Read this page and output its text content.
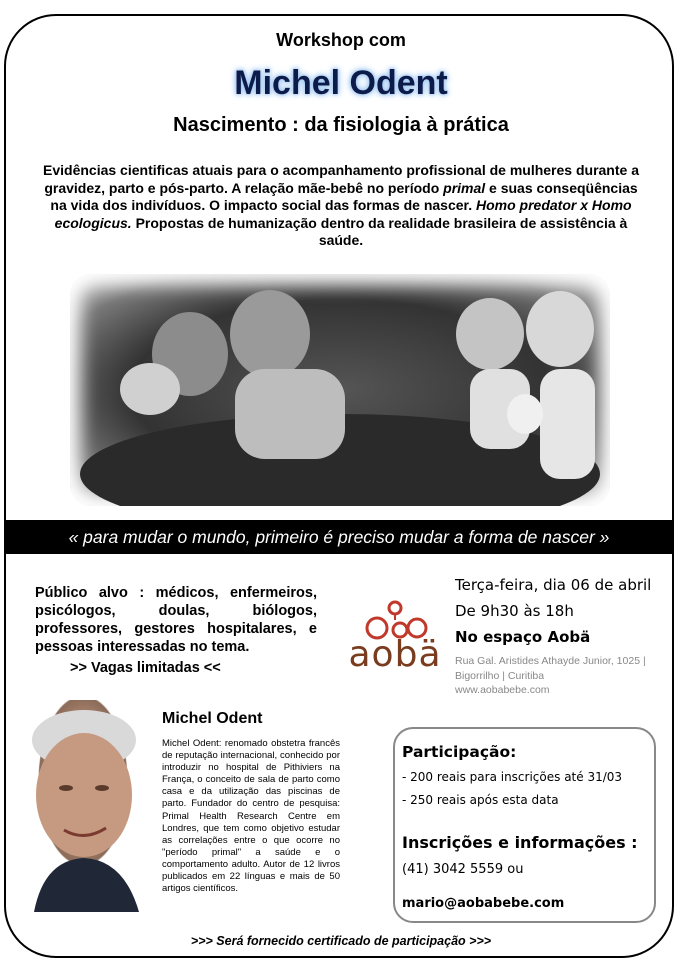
Workshop com
Michel Odent
Nascimento : da fisiologia à prática
Evidências cientificas atuais para o acompanhamento profissional de mulheres durante a gravidez, parto e pós-parto. A relação mãe-bebê no período primal e suas conseqüências na vida dos indivíduos. O impacto social das formas de nascer. Homo predator x Homo ecologicus. Propostas de humanização dentro da realidade brasileira de assistência à saúde.
« para mudar o mundo, primeiro é preciso mudar a forma de nascer »
Público alvo : médicos, enfermeiros, psicólogos, doulas, biólogos, professores, gestores hospitalares, e pessoas interessadas no tema.
>> Vagas limitadas <<	aobä
Terça-feira, dia 06 de abril
De 9h30 às 18h
No espaço Aobä
Rua Gal. Aristides Athayde Junior, 1025 | Bigorrilho | Curitiba
www.aobabebe.com
Michel Odent
Michel Odent: renomado obstetra francês de reputação internacional, conhecido por introduzir no hospital de Pithiviers na França, o conceito de sala de parto como casa e da utilização das piscinas de parto. Fundador do centro de pesquisa: Primal Health Research Centre em Londres, que tem como objetivo estudar as correlações entre o que ocorre no "período primal" a saúde e o comportamento adulto. Autor de 12 livros publicados em 22 línguas e mais de 50 artigos científicos.
Participação:
- 200 reais para inscrições até 31/03
- 250 reais após esta data
Inscrições e informações :
(41) 3042 5559 ou
mario@aobabebe.com
>>> Será fornecido certificado de participação >>>
